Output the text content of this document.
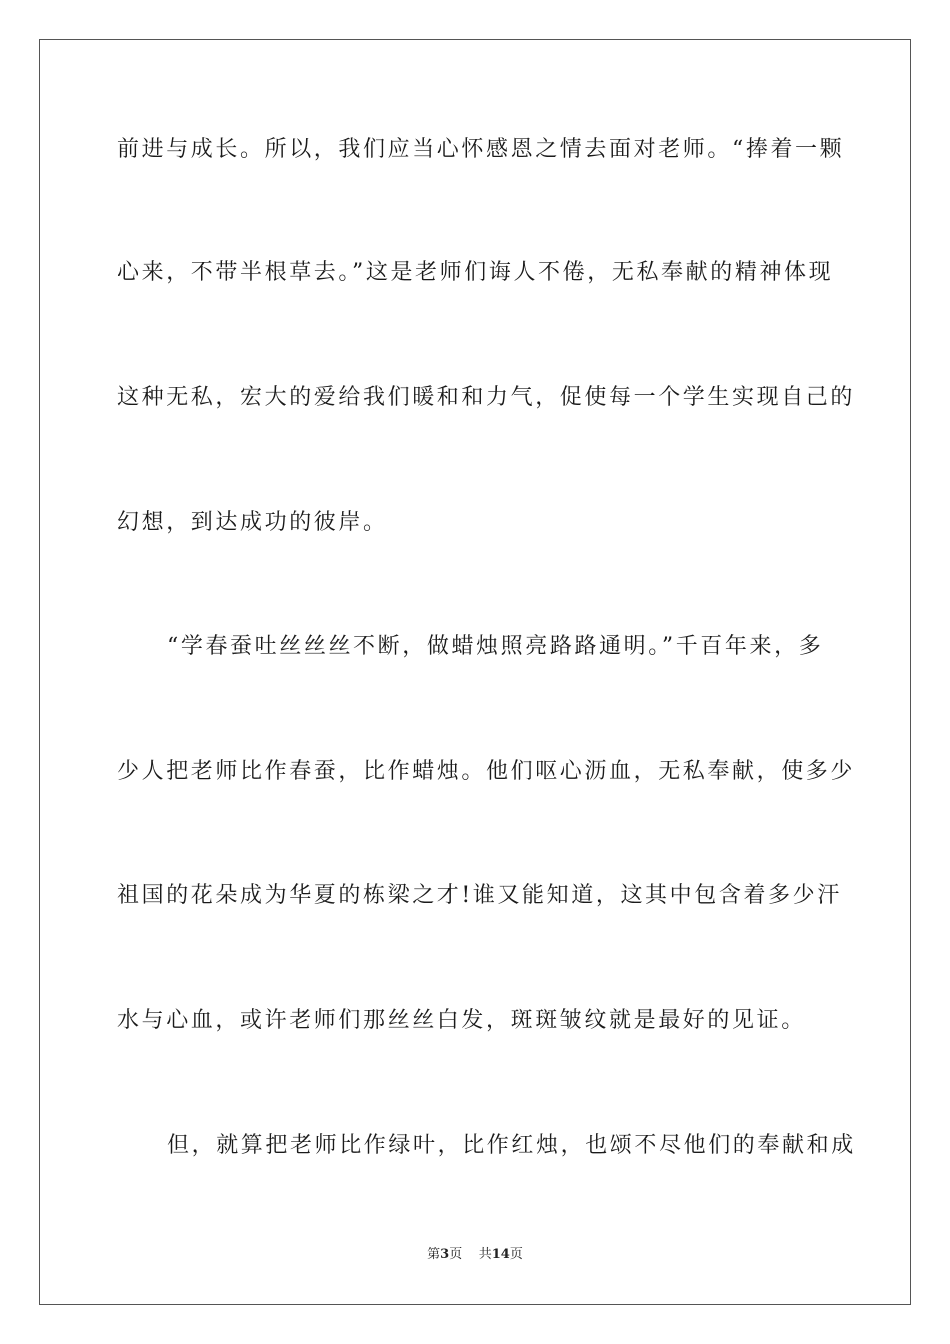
前进与成长。所以，我们应当心怀感恩之情去面对老师。“捧着一颗
心来，不带半根草去。”这是老师们诲人不倦，无私奉献的精神体现
这种无私，宏大的爱给我们暖和和力气，促使每一个学生实现自己的
幻想，到达成功的彼岸。
“学春蚕吐丝丝丝不断，做蜡烛照亮路路通明。”千百年来，多
少人把老师比作春蚕，比作蜡烛。他们呕心沥血，无私奉献，使多少
祖国的花朵成为华夏的栋梁之才!谁又能知道，这其中包含着多少汗
水与心血，或许老师们那丝丝白发，斑斑皱纹就是最好的见证。
但，就算把老师比作绿叶，比作红烛，也颂不尽他们的奉献和成
第3页 共14页
